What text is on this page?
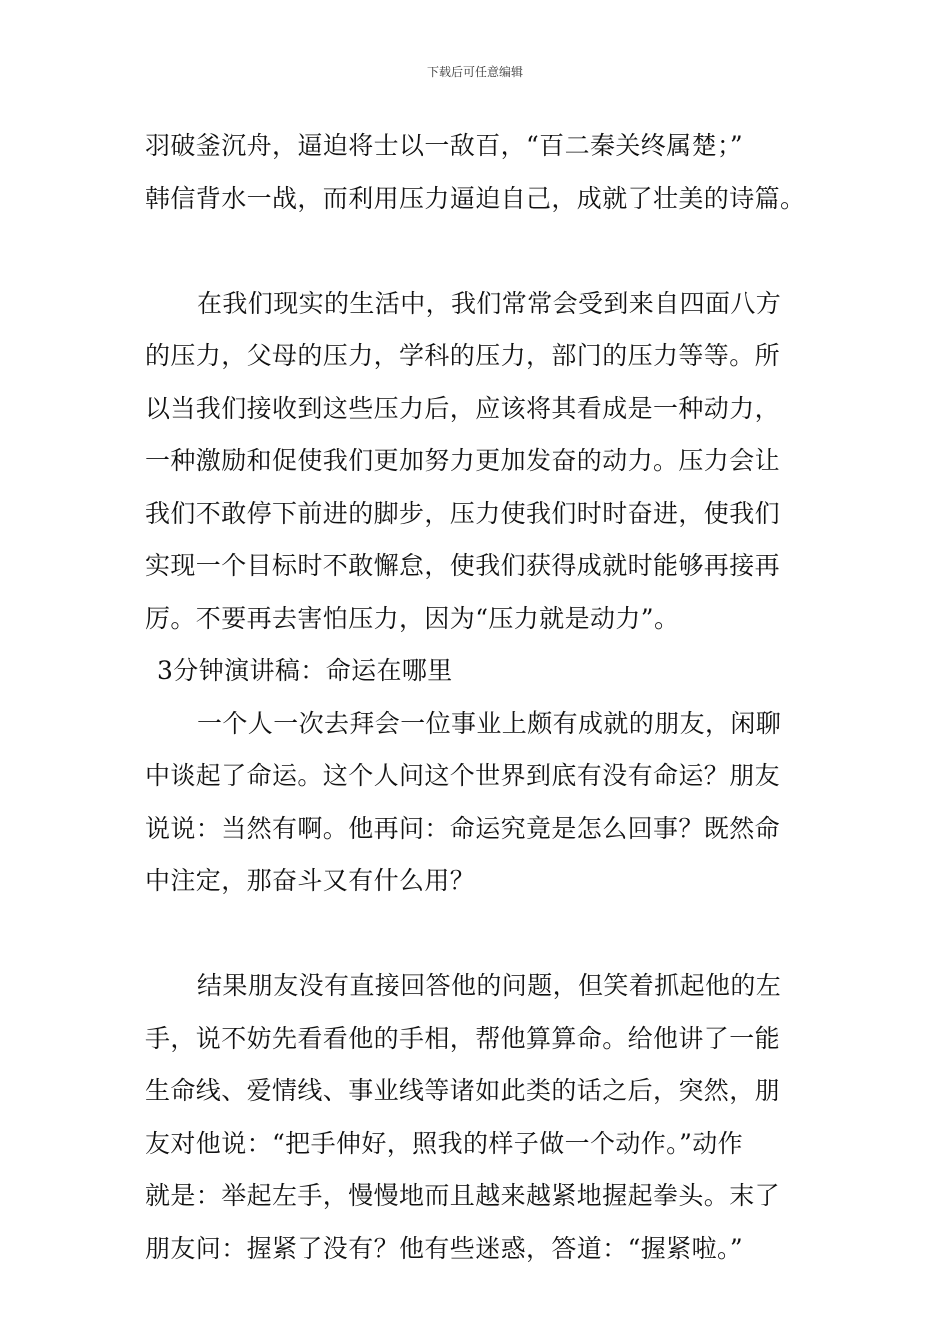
下载后可任意编辑
羽破釜沉舟，逼迫将士以一敌百，“百二秦关终属楚；”
韩信背水一战，而利用压力逼迫自己，成就了壮美的诗篇。
在我们现实的生活中，我们常常会受到来自四面八方
的压力，父母的压力，学科的压力，部门的压力等等。所
以当我们接收到这些压力后，应该将其看成是一种动力，
一种激励和促使我们更加努力更加发奋的动力。压力会让
我们不敢停下前进的脚步，压力使我们时时奋进，使我们
实现一个目标时不敢懈怠，使我们获得成就时能够再接再
厉。不要再去害怕压力，因为“压力就是动力”。
3分钟演讲稿：命运在哪里
一个人一次去拜会一位事业上颇有成就的朋友，闲聊
中谈起了命运。这个人问这个世界到底有没有命运？朋友
说说：当然有啊。他再问：命运究竟是怎么回事？既然命
中注定，那奋斗又有什么用？
结果朋友没有直接回答他的问题，但笑着抓起他的左
手，说不妨先看看他的手相，帮他算算命。给他讲了一能
生命线、爱情线、事业线等诸如此类的话之后，突然，朋
友对他说：“把手伸好，照我的样子做一个动作。”动作
就是：举起左手，慢慢地而且越来越紧地握起拳头。末了
朋友问：握紧了没有？他有些迷惑，答道：“握紧啦。”
